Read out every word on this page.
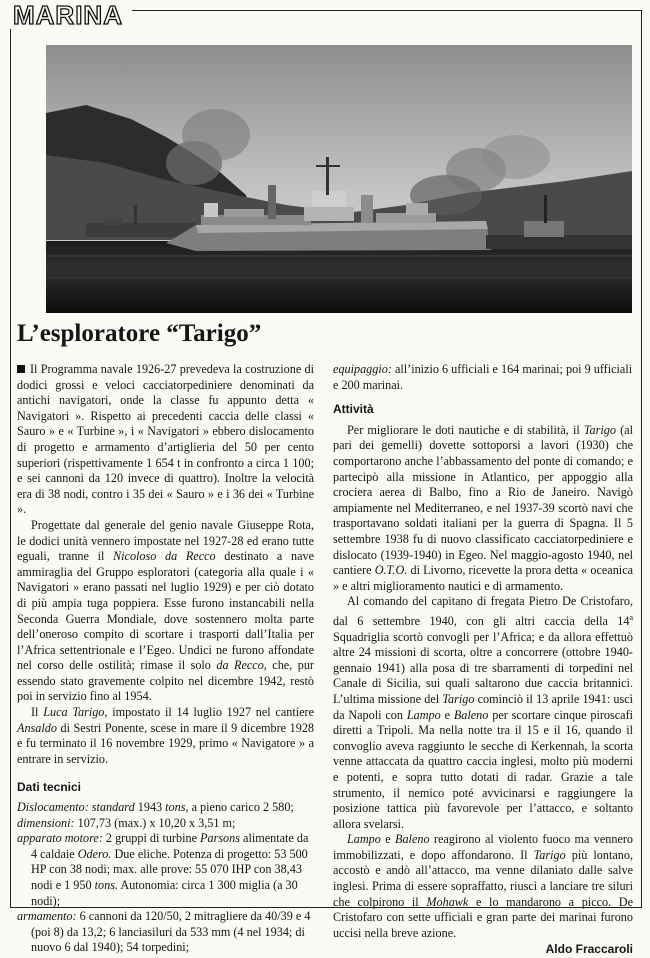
MARINA
L’esploratore “Tarigo”

Il Programma navale 1926-27 prevedeva la costruzione di dodici grossi e veloci cacciatorpediniere denominati da antichi navigatori, onde la classe fu appunto detta « Navigatori ». Rispetto ai precedenti caccia delle classi « Sauro » e « Turbine », i « Navigatori » ebbero dislocamento di progetto e armamento d’artiglieria del 50 per cento superiori (rispettivamente 1 654 t in confronto a circa 1 100; e sei cannoni da 120 invece di quattro). Inoltre la velocità era di 38 nodi, contro i 35 dei « Sauro » e i 36 dei « Turbine ».

Progettate dal generale del genio navale Giuseppe Rota, le dodici unità vennero impostate nel 1927-28 ed erano tutte eguali, tranne il Nicoloso da Recco destinato a nave ammiraglia del Gruppo esploratori (categoria alla quale i « Navigatori » erano passati nel luglio 1929) e per ciò dotato di più ampia tuga poppiera. Esse furono instancabili nella Seconda Guerra Mondiale, dove sostennero molta parte dell’oneroso compito di scortare i trasporti dall’Italia per l’Africa settentrionale e l’Egeo. Undici ne furono affondate nel corso delle ostilità; rimase il solo da Recco, che, pur essendo stato gravemente colpito nel dicembre 1942, restò poi in servizio fino al 1954.

Il Luca Tarigo, impostato il 14 luglio 1927 nel cantiere Ansaldo di Sestri Ponente, scese in mare il 9 dicembre 1928 e fu terminato il 16 novembre 1929, primo « Navigatore » a entrare in servizio.

Dati tecnici

Dislocamento: standard 1943 tons, a pieno carico 2 580;

dimensioni: 107,73 (max.) x 10,20 x 3,51 m;

apparato motore: 2 gruppi di turbine Parsons alimentate da 4 caldaie Odero. Due eliche. Potenza di progetto: 53 500 HP con 38 nodi; max. alle prove: 55 070 IHP con 38,43 nodi e 1 950 tons. Autonomia: circa 1 300 miglia (a 30 nodi);

armamento: 6 cannoni da 120/50, 2 mitragliere da 40/39 e 4 (poi 8) da 13,2; 6 lanciasiluri da 533 mm (4 nel 1934; di nuovo 6 dal 1940); 54 torpedini;

equipaggio: all’inizio 6 ufficiali e 164 marinai; poi 9 ufficiali e 200 marinai.

Attività

Per migliorare le doti nautiche e di stabilità, il Tarigo (al pari dei gemelli) dovette sottoporsi a lavori (1930) che comportarono anche l’abbassamento del ponte di comando; e partecipò alla missione in Atlantico, per appoggio alla crociera aerea di Balbo, fino a Rio de Janeiro. Navigò ampiamente nel Mediterraneo, e nel 1937-39 scortò navi che trasportavano soldati italiani per la guerra di Spagna. Il 5 settembre 1938 fu di nuovo classificato cacciatorpediniere e dislocato (1939-1940) in Egeo. Nel maggio-agosto 1940, nel cantiere O.T.O. di Livorno, ricevette la prora detta « oceanica » e altri miglioramento nautici e di armamento.

Al comando del capitano di fregata Pietro De Cristofaro, dal 6 settembre 1940, con gli altri caccia della 14$^a$ Squadriglia scortò convogli per l’Africa; e da allora effettuò altre 24 missioni di scorta, oltre a concorrere (ottobre 1940-gennaio 1941) alla posa di tre sbarramenti di torpedini nel Canale di Sicilia, sui quali saltarono due caccia britannici. L’ultima missione del Tarigo cominciò il 13 aprile 1941: uscì da Napoli con Lampo e Baleno per scortare cinque piroscafi diretti a Tripoli. Ma nella notte tra il 15 e il 16, quando il convoglio aveva raggiunto le secche di Kerkennah, la scorta venne attaccata da quattro caccia inglesi, molto più moderni e potenti, e sopra tutto dotati di radar. Grazie a tale strumento, il nemico poté avvicinarsi e raggiungere la posizione tattica più favorevole per l’attacco, e soltanto allora svelarsi.

Lampo e Baleno reagirono al violento fuoco ma vennero immobilizzati, e dopo affondarono. Il Tarigo più lontano, accostò e andò all’attacco, ma venne dilaniato dalle salve inglesi. Prima di essere sopraffatto, riuscì a lanciare tre siluri che colpirono il Mohawk e lo mandarono a picco. De Cristofaro con sette ufficiali e gran parte dei marinai furono uccisi nella breve azione.

Aldo Fraccaroli
